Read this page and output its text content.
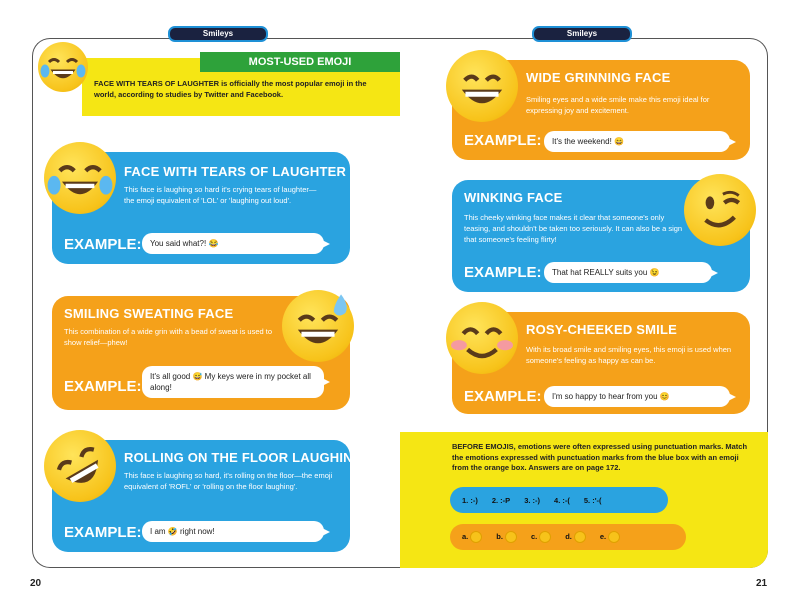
Smileys	Smileys
MOST-USED EMOJI
FACE WITH TEARS OF LAUGHTER is officially the most popular emoji in the world, according to studies by Twitter and Facebook.
FACE WITH TEARS OF LAUGHTER
This face is laughing so hard it's crying tears of laughter—the emoji equivalent of 'LOL' or 'laughing out loud'.
EXAMPLE:	You said what?! 😂
SMILING SWEATING FACE
This combination of a wide grin with a bead of sweat is used to show relief—phew!
EXAMPLE:
It's all good 😅 My keys were in my pocket all along!
ROLLING ON THE FLOOR LAUGHING
This face is laughing so hard, it's rolling on the floor—the emoji equivalent of 'ROFL' or 'rolling on the floor laughing'.
EXAMPLE:	I am 🤣 right now!
WIDE GRINNING FACE
Smiling eyes and a wide smile make this emoji ideal for expressing joy and excitement.
EXAMPLE:	It's the weekend! 😄
WINKING FACE
This cheeky winking face makes it clear that someone's only teasing, and shouldn't be taken too seriously. It can also be a sign that someone's feeling flirty!
EXAMPLE:	That hat REALLY suits you 😉
ROSY-CHEEKED SMILE
With its broad smile and smiling eyes, this emoji is used when someone's feeling as happy as can be.
EXAMPLE:	I'm so happy to hear from you 😊
BEFORE EMOJIS, emotions were often expressed using punctuation marks. Match the emotions expressed with punctuation marks from the blue box with an emoji from the orange box. Answers are on page 172.
1. :-) 2. :-P 3. :-) 4. :-( 5. :'-(
a.	b.	c.	d.	e.
20	21
